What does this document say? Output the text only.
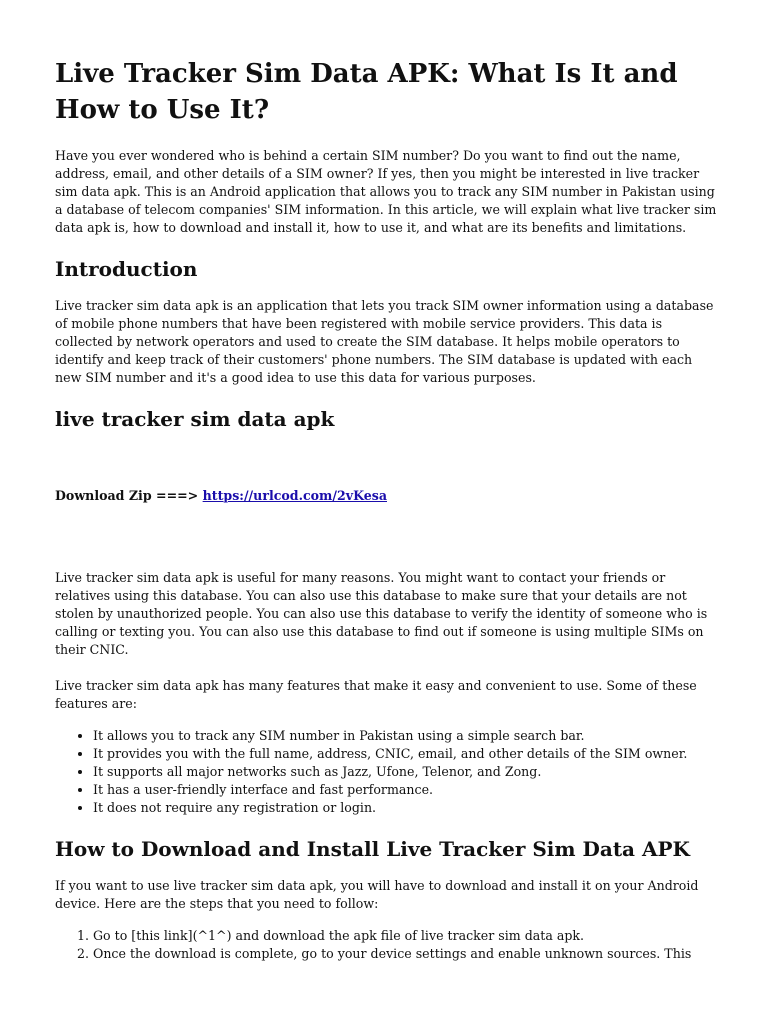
Live Tracker Sim Data APK: What Is It and How to Use It?

Have you ever wondered who is behind a certain SIM number? Do you want to find out the name, address, email, and other details of a SIM owner? If yes, then you might be interested in live tracker sim data apk. This is an Android application that allows you to track any SIM number in Pakistan using a database of telecom companies' SIM information. In this article, we will explain what live tracker sim data apk is, how to download and install it, how to use it, and what are its benefits and limitations.

Introduction

Live tracker sim data apk is an application that lets you track SIM owner information using a database of mobile phone numbers that have been registered with mobile service providers. This data is collected by network operators and used to create the SIM database. It helps mobile operators to identify and keep track of their customers' phone numbers. The SIM database is updated with each new SIM number and it's a good idea to use this data for various purposes.

live tracker sim data apk

Download Zip ===> https://urlcod.com/2vKesa

Live tracker sim data apk is useful for many reasons. You might want to contact your friends or relatives using this database. You can also use this database to make sure that your details are not stolen by unauthorized people. You can also use this database to verify the identity of someone who is calling or texting you. You can also use this database to find out if someone is using multiple SIMs on their CNIC.

Live tracker sim data apk has many features that make it easy and convenient to use. Some of these features are:

• It allows you to track any SIM number in Pakistan using a simple search bar.
• It provides you with the full name, address, CNIC, email, and other details of the SIM owner.
• It supports all major networks such as Jazz, Ufone, Telenor, and Zong.
• It has a user-friendly interface and fast performance.
• It does not require any registration or login.
How to Download and Install Live Tracker Sim Data APK

If you want to use live tracker sim data apk, you will have to download and install it on your Android device. Here are the steps that you need to follow:

1. Go to [this link](^1^) and download the apk file of live tracker sim data apk.
2. Once the download is complete, go to your device settings and enable unknown sources. This
